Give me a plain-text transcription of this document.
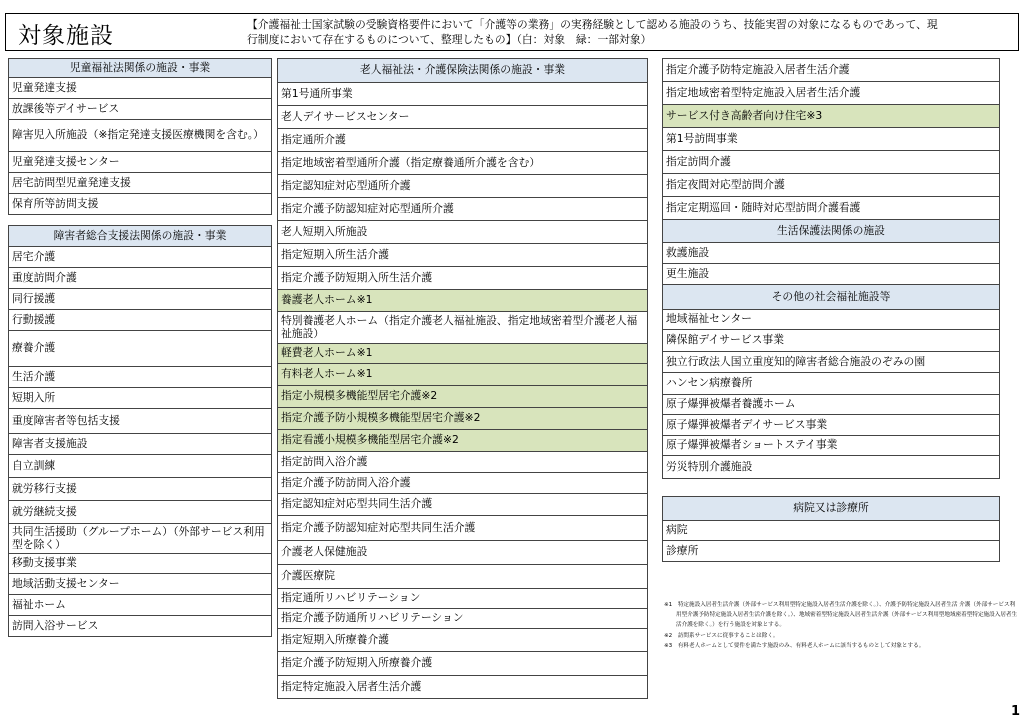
対象施設	【介護福祉士国家試験の受験資格要件において「介護等の業務」の実務経験として認める施設のうち、技能実習の対象になるものであって、現
行制度において存在するものについて、整理したもの】（白：対象　緑：一部対象）
児童福祉法関係の施設・事業
児童発達支援
放課後等デイサービス
障害児入所施設（※指定発達支援医療機関を含む。）
児童発達支援センター
居宅訪問型児童発達支援
保育所等訪問支援
障害者総合支援法関係の施設・事業
居宅介護
重度訪問介護
同行援護
行動援護
療養介護
生活介護
短期入所
重度障害者等包括支援
障害者支援施設
自立訓練
就労移行支援
就労継続支援
共同生活援助（グループホーム）（外部サービス利用型を除く）
移動支援事業
地域活動支援センター
福祉ホーム
訪問入浴サービス
老人福祉法・介護保険法関係の施設・事業
第1号通所事業
老人デイサービスセンター
指定通所介護
指定地域密着型通所介護（指定療養通所介護を含む）
指定認知症対応型通所介護
指定介護予防認知症対応型通所介護
老人短期入所施設
指定短期入所生活介護
指定介護予防短期入所生活介護
養護老人ホーム※1
特別養護老人ホーム（指定介護老人福祉施設、指定地域密着型介護老人福祉施設）
軽費老人ホーム※1
有料老人ホーム※1
指定小規模多機能型居宅介護※2
指定介護予防小規模多機能型居宅介護※2
指定看護小規模多機能型居宅介護※2
指定訪問入浴介護
指定介護予防訪問入浴介護
指定認知症対応型共同生活介護
指定介護予防認知症対応型共同生活介護
介護老人保健施設
介護医療院
指定通所リハビリテーション
指定介護予防通所リハビリテーション
指定短期入所療養介護
指定介護予防短期入所療養介護
指定特定施設入居者生活介護
指定介護予防特定施設入居者生活介護
指定地域密着型特定施設入居者生活介護
サービス付き高齢者向け住宅※3
第1号訪問事業
指定訪問介護
指定夜間対応型訪問介護
指定定期巡回・随時対応型訪問介護看護
生活保護法関係の施設
救護施設
更生施設
その他の社会福祉施設等
地域福祉センター
隣保館デイサービス事業
独立行政法人国立重度知的障害者総合施設のぞみの園
ハンセン病療養所
原子爆弾被爆者養護ホーム
原子爆弾被爆者デイサービス事業
原子爆弾被爆者ショートステイ事業
労災特別介護施設
病院又は診療所
病院
診療所
※1　特定施設入居者生活介護（外部サービス利用型特定施設入居者生活介護を除く。）、介護予防特定施設入居者生活 介護（外部サービス利用型介護予防特定施設入居者生活介護を除く。）、地域密着型特定施設入居者生活介護（外部サービス利用型地域密着型特定施設入居者生活介護を除く。）を行う施設を対象とする。
※2　訪問系サービスに従事することは除く。
※3　有料老人ホームとして要件を満たす施設のみ、有料老人ホームに該当するものとして対象とする。
1
